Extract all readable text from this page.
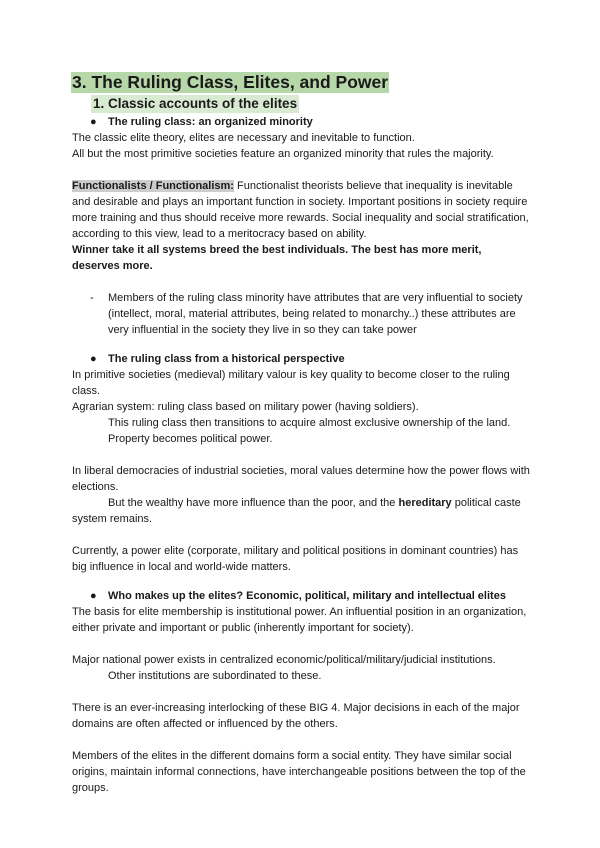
3. The Ruling Class, Elites, and Power
1. Classic accounts of the elites
● The ruling class: an organized minority

The classic elite theory, elites are necessary and inevitable to function.

All but the most primitive societies feature an organized minority that rules the majority.

Functionalists / Functionalism: Functionalist theorists believe that inequality is inevitable and desirable and plays an important function in society. Important positions in society require more training and thus should receive more rewards. Social inequality and social stratification, according to this view, lead to a meritocracy based on ability.

Winner take it all systems breed the best individuals. The best has more merit, deserves more.

- Members of the ruling class minority have attributes that are very influential to society (intellect, moral, material attributes, being related to monarchy..) these attributes are very influential in the society they live in so they can take power

● The ruling class from a historical perspective

In primitive societies (medieval) military valour is key quality to become closer to the ruling class.

Agrarian system: ruling class based on military power (having soldiers).

This ruling class then transitions to acquire almost exclusive ownership of the land. Property becomes political power.

In liberal democracies of industrial societies, moral values determine how the power flows with elections.

But the wealthy have more influence than the poor, and the hereditary political caste system remains.

Currently, a power elite (corporate, military and political positions in dominant countries) has big influence in local and world-wide matters.

● Who makes up the elites? Economic, political, military and intellectual elites

The basis for elite membership is institutional power. An influential position in an organization, either private and important or public (inherently important for society).

Major national power exists in centralized economic/political/military/judicial institutions.

Other institutions are subordinated to these.

There is an ever-increasing interlocking of these BIG 4. Major decisions in each of the major domains are often affected or influenced by the others.

Members of the elites in the different domains form a social entity. They have similar social origins, maintain informal connections, have interchangeable positions between the top of the groups.
